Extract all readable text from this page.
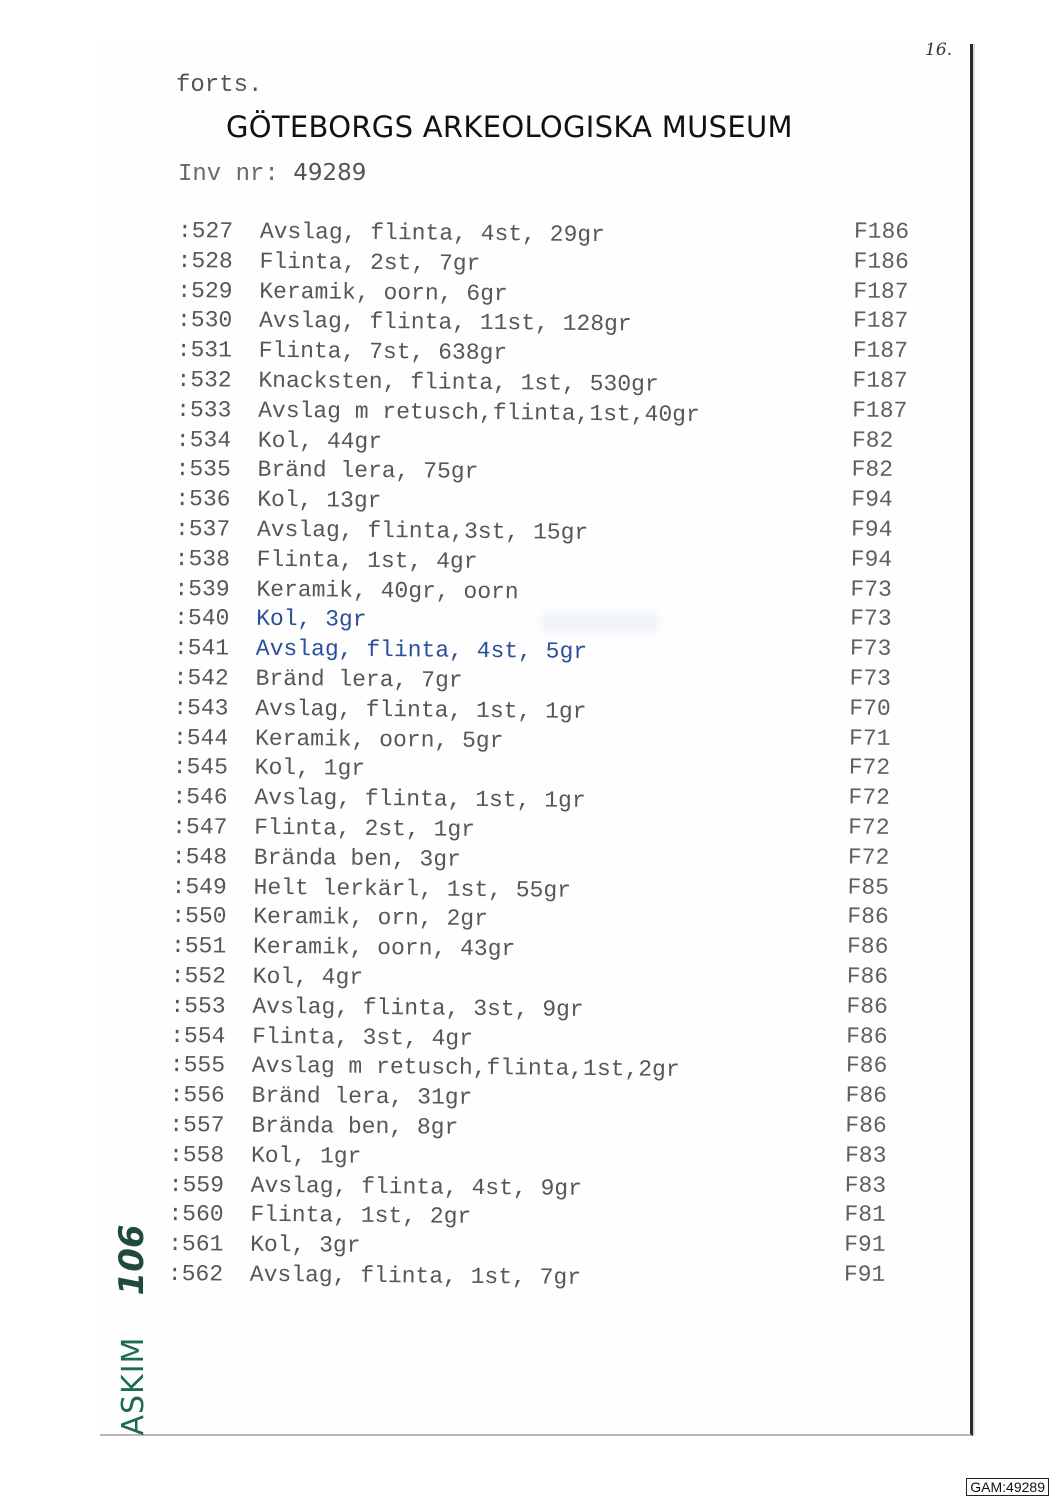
16.
forts.
GÖTEBORGS ARKEOLOGISKA MUSEUM
Inv nr: 49289
:527 Avslag, flinta, 4st, 29gr	F186
:528 Flinta, 2st, 7gr	F186
:529 Keramik, oorn, 6gr	F187
:530 Avslag, flinta, 11st, 128gr	F187
:531 Flinta, 7st, 638gr	F187
:532 Knacksten, flinta, 1st, 530gr	F187
:533 Avslag m retusch,flinta,1st,40gr	F187
:534 Kol, 44gr	F82
:535 Bränd lera, 75gr	F82
:536 Kol, 13gr	F94
:537 Avslag, flinta,3st, 15gr	F94
:538 Flinta, 1st, 4gr	F94
:539 Keramik, 40gr, oorn	F73
:540 Kol, 3gr	F73
:541 Avslag, flinta, 4st, 5gr	F73
:542 Bränd lera, 7gr	F73
:543 Avslag, flinta, 1st, 1gr	F70
:544 Keramik, oorn, 5gr	F71
:545 Kol, 1gr	F72
:546 Avslag, flinta, 1st, 1gr	F72
:547 Flinta, 2st, 1gr	F72
:548 Brända ben, 3gr	F72
:549 Helt lerkärl, 1st, 55gr	F85
:550 Keramik, orn, 2gr	F86
:551 Keramik, oorn, 43gr	F86
:552 Kol, 4gr	F86
:553 Avslag, flinta, 3st, 9gr	F86
:554 Flinta, 3st, 4gr	F86
:555 Avslag m retusch,flinta,1st,2gr	F86
:556 Bränd lera, 31gr	F86
:557 Brända ben, 8gr	F86
:558 Kol, 1gr	F83
:559 Avslag, flinta, 4st, 9gr	F83
:560 Flinta, 1st, 2gr	F81
:561 Kol, 3gr	F91
:562 Avslag, flinta, 1st, 7gr	F91
ASKIM 106
GAM:49289
